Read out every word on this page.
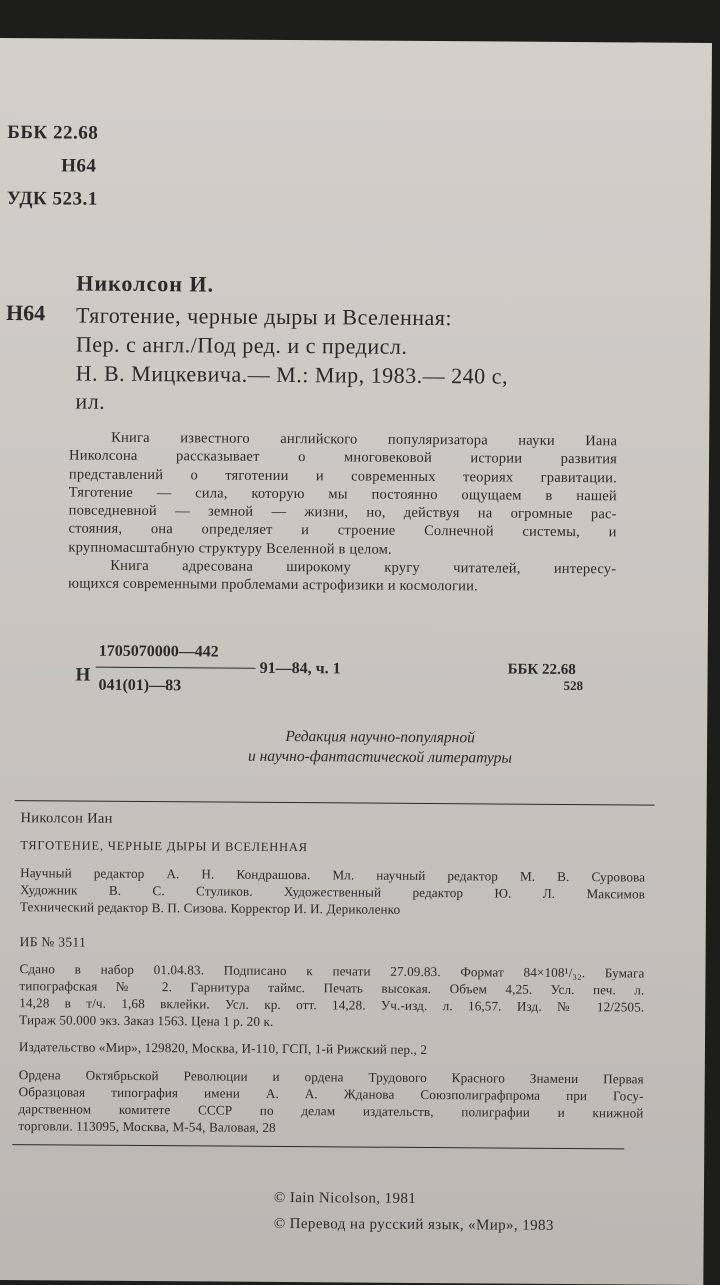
ББК 22.68
Н64
УДК 523.1
Николсон И.
Н64 Тяготение, черные дыры и Вселенная:
Пер. с англ./Под ред. и с предисл.
Н. В. Мицкевича.— М.: Мир, 1983.— 240 с,
ил.
Книга известного английского популяризатора науки Иана
Николсона рассказывает о многовековой истории развития
представлений о тяготении и современных теориях гравитации.
Тяготение — сила, которую мы постоянно ощущаем в нашей
повседневной — земной — жизни, но, действуя на огромные рас-
стояния, она определяет и строение Солнечной системы, и
крупномасштабную структуру Вселенной в целом.
Книга адресована широкому кругу читателей, интересу-
ющихся современными проблемами астрофизики и космологии.
Н
1705070000—442
041(01)—83
91—84, ч. 1	ББК 22.68
528
Редакция научно-популярной
и научно-фантастической литературы
Николсон Иан
ТЯГОТЕНИЕ, ЧЕРНЫЕ ДЫРЫ И ВСЕЛЕННАЯ
Научный редактор А. Н. Кондрашова. Мл. научный редактор М. В. Суровова
Художник В. С. Стуликов. Художественный редактор Ю. Л. Максимов
Технический редактор В. П. Сизова. Корректор И. И. Дериколенко
ИБ № 3511
Сдано в набор 01.04.83. Подписано к печати 27.09.83. Формат 84×108¹/₃₂. Бумага
типографская № 2. Гарнитура таймс. Печать высокая. Объем 4,25. Усл. печ. л.
14,28 в т/ч. 1,68 вклейки. Усл. кр. отт. 14,28. Уч.-изд. л. 16,57. Изд. № 12/2505.
Тираж 50.000 экз. Заказ 1563. Цена 1 р. 20 к.
Издательство «Мир», 129820, Москва, И-110, ГСП, 1-й Рижский пер., 2
Ордена Октябрьской Революции и ордена Трудового Красного Знамени Первая
Образцовая типография имени А. А. Жданова Союзполиграфпрома при Госу-
дарственном комитете СССР по делам издательств, полиграфии и книжной
торговли. 113095, Москва, М-54, Валовая, 28
© Iain Nicolson, 1981
© Перевод на русский язык, «Мир», 1983
